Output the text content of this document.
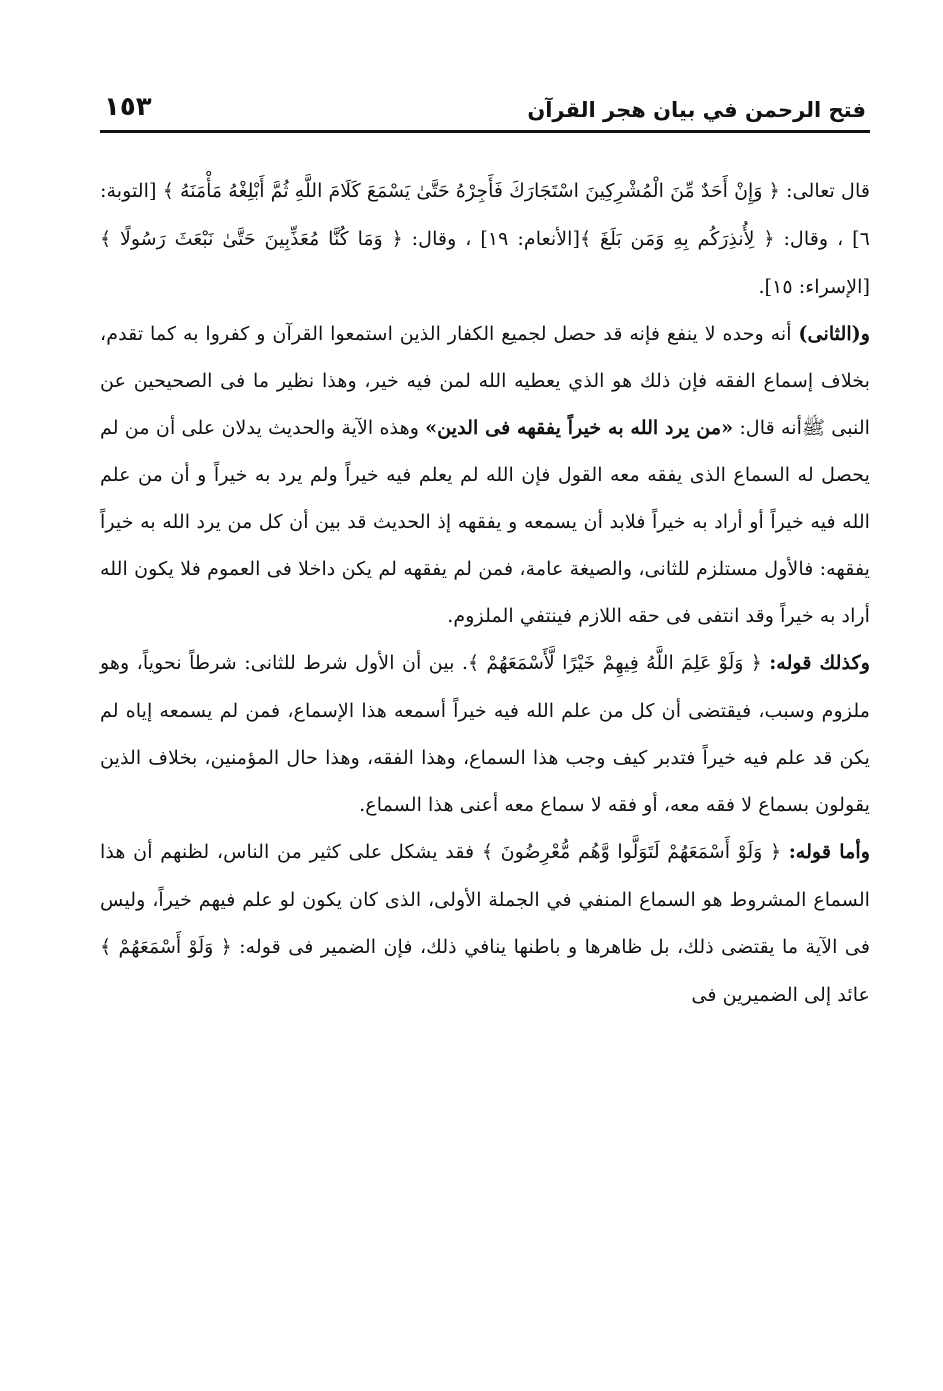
فتح الرحمن في بيان هجر القرآن
١٥٣

قال تعالى: ﴿ وَإِنْ أَحَدٌ مِّنَ الْمُشْرِكِينَ اسْتَجَارَكَ فَأَجِرْهُ حَتَّىٰ يَسْمَعَ كَلَامَ اللَّهِ ثُمَّ أَبْلِغْهُ مَأْمَنَهُ ﴾ [التوبة: ٦] ، وقال: ﴿ لِأُنذِرَكُم بِهِ وَمَن بَلَغَ ﴾[الأنعام: ١٩] ، وقال: ﴿ وَمَا كُنَّا مُعَذِّبِينَ حَتَّىٰ نَبْعَثَ رَسُولًا ﴾ [الإسراء: ١٥].

و(الثانى) أنه وحده لا ينفع فإنه قد حصل لجميع الكفار الذين استمعوا القرآن و كفروا به كما تقدم، بخلاف إسماع الفقه فإن ذلك هو الذي يعطيه الله لمن فيه خير، وهذا نظير ما فى الصحيحين عن النبى ﷺأنه قال: «من يرد الله به خيراً يفقهه فى الدين» وهذه الآية والحديث يدلان على أن من لم يحصل له السماع الذى يفقه معه القول فإن الله لم يعلم فيه خيراً ولم يرد به خيراً و أن من علم الله فيه خيراً أو أراد به خيراً فلابد أن يسمعه و يفقهه إذ الحديث قد بين أن كل من يرد الله به خيراً يفقهه: فالأول مستلزم للثانى، والصيغة عامة، فمن لم يفقهه لم يكن داخلا فى العموم فلا يكون الله أراد به خيراً وقد انتفى فى حقه اللازم فينتفي الملزوم.

وكذلك قوله: ﴿ وَلَوْ عَلِمَ اللَّهُ فِيهِمْ خَيْرًا لَّأَسْمَعَهُمْ ﴾. بين أن الأول شرط للثانى: شرطاً نحوياً، وهو ملزوم وسبب، فيقتضى أن كل من علم الله فيه خيراً أسمعه هذا الإسماع، فمن لم يسمعه إياه لم يكن قد علم فيه خيراً فتدبر كيف وجب هذا السماع، وهذا الفقه، وهذا حال المؤمنين، بخلاف الذين يقولون بسماع لا فقه معه، أو فقه لا سماع معه أعنى هذا السماع.

وأما قوله: ﴿ وَلَوْ أَسْمَعَهُمْ لَتَوَلَّوا وَّهُم مُّعْرِضُونَ ﴾ فقد يشكل على كثير من الناس، لظنهم أن هذا السماع المشروط هو السماع المنفي في الجملة الأولى، الذى كان يكون لو علم فيهم خيراً، وليس فى الآية ما يقتضى ذلك، بل ظاهرها و باطنها ينافي ذلك، فإن الضمير فى قوله: ﴿ وَلَوْ أَسْمَعَهُمْ ﴾ عائد إلى الضميرين فى
